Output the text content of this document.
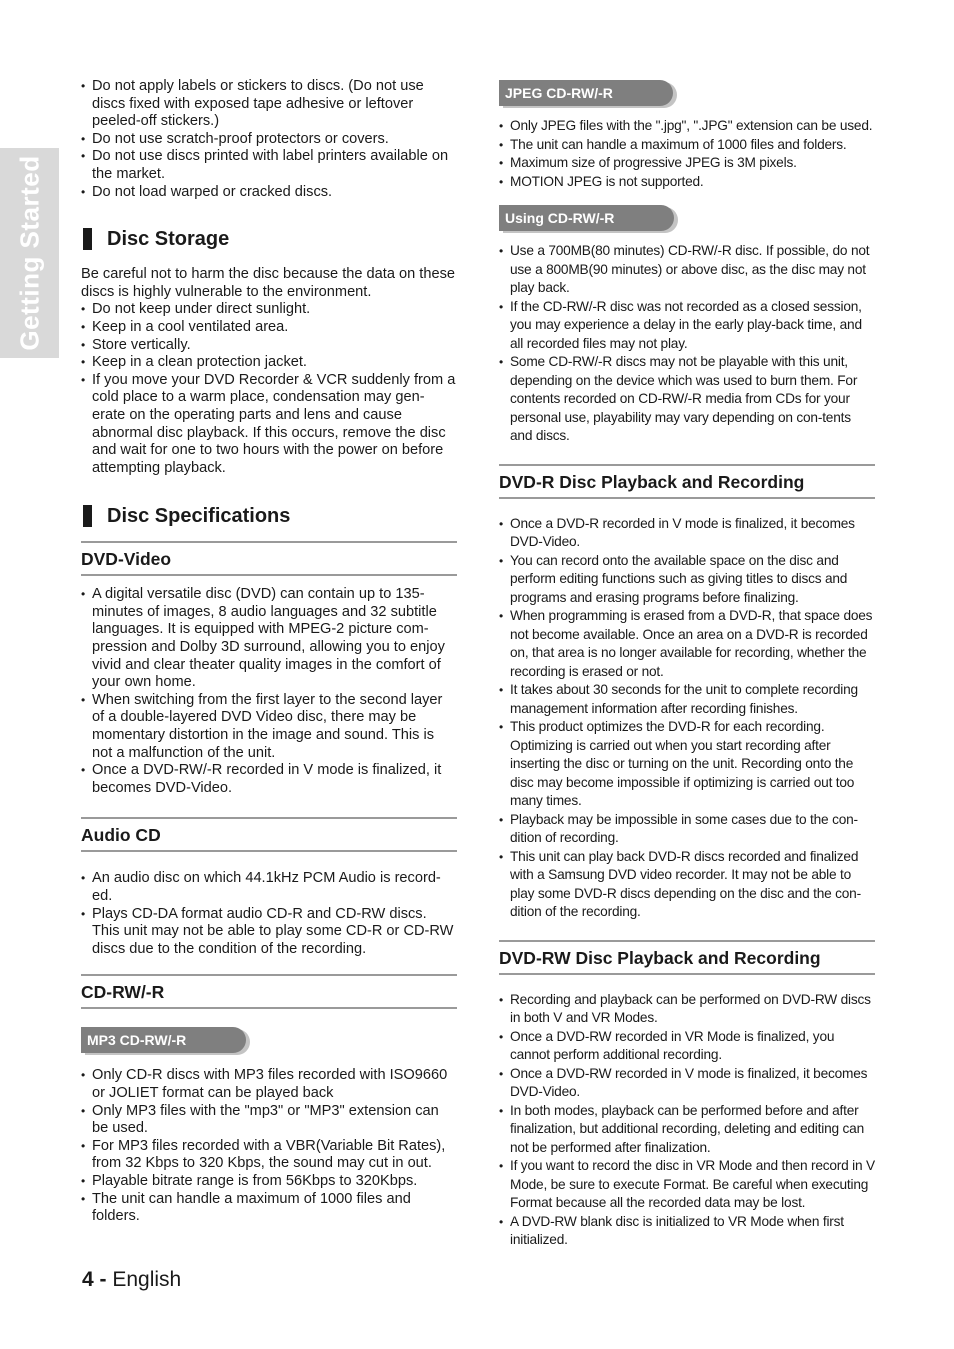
Getting Started
• Do not apply labels or stickers to discs. (Do not use discs fixed with exposed tape adhesive or leftover peeled-off stickers.)
• Do not use scratch-proof protectors or covers.
• Do not use discs printed with label printers available on the market.
• Do not load warped or cracked discs.
Disc Storage

Be careful not to harm the disc because the data on these discs is highly vulnerable to the environment.

• Do not keep under direct sunlight.
• Keep in a cool ventilated area.
• Store vertically.
• Keep in a clean protection jacket.
• If you move your DVD Recorder & VCR suddenly from a cold place to a warm place, condensation may gen-erate on the operating parts and lens and cause abnormal disc playback. If this occurs, remove the disc and wait for one to two hours with the power on before attempting playback.
Disc Specifications
DVD-Video
• A digital versatile disc (DVD) can contain up to 135-minutes of images, 8 audio languages and 32 subtitle languages. It is equipped with MPEG-2 picture com-pression and Dolby 3D surround, allowing you to enjoy vivid and clear theater quality images in the comfort of your own home.
• When switching from the first layer to the second layer of a double-layered DVD Video disc, there may be momentary distortion in the image and sound. This is not a malfunction of the unit.
• Once a DVD-RW/-R recorded in V mode is finalized, it becomes DVD-Video.
Audio CD
• An audio disc on which 44.1kHz PCM Audio is record-ed.
• Plays CD-DA format audio CD-R and CD-RW discs. This unit may not be able to play some CD-R or CD-RW discs due to the condition of the recording.
CD-RW/-R
MP3 CD-RW/-R
• Only CD-R discs with MP3 files recorded with ISO9660 or JOLIET format can be played back
• Only MP3 files with the "mp3" or "MP3" extension can be used.
• For MP3 files recorded with a VBR(Variable Bit Rates), from 32 Kbps to 320 Kbps, the sound may cut in out.
• Playable bitrate range is from 56Kbps to 320Kbps.
• The unit can handle a maximum of 1000 files and folders.
JPEG CD-RW/-R
• Only JPEG files with the ".jpg", ".JPG" extension can be used.
• The unit can handle a maximum of 1000 files and folders.
• Maximum size of progressive JPEG is 3M pixels.
• MOTION JPEG is not supported.
Using CD-RW/-R
• Use a 700MB(80 minutes) CD-RW/-R disc. If possible, do not use a 800MB(90 minutes) or above disc, as the disc may not play back.
• If the CD-RW/-R disc was not recorded as a closed session, you may experience a delay in the early play-back time, and all recorded files may not play.
• Some CD-RW/-R discs may not be playable with this unit, depending on the device which was used to burn them. For contents recorded on CD-RW/-R media from CDs for your personal use, playability may vary depending on con-tents and discs.
DVD-R Disc Playback and Recording
• Once a DVD-R recorded in V mode is finalized, it becomes DVD-Video.
• You can record onto the available space on the disc and perform editing functions such as giving titles to discs and programs and erasing programs before finalizing.
• When programming is erased from a DVD-R, that space does not become available. Once an area on a DVD-R is recorded on, that area is no longer available for recording, whether the recording is erased or not.
• It takes about 30 seconds for the unit to complete recording management information after recording finishes.
• This product optimizes the DVD-R for each recording. Optimizing is carried out when you start recording after inserting the disc or turning on the unit. Recording onto the disc may become impossible if optimizing is carried out too many times.
• Playback may be impossible in some cases due to the con-dition of recording.
• This unit can play back DVD-R discs recorded and finalized with a Samsung DVD video recorder. It may not be able to play some DVD-R discs depending on the disc and the con-dition of the recording.
DVD-RW Disc Playback and Recording
• Recording and playback can be performed on DVD-RW discs in both V and VR Modes.
• Once a DVD-RW recorded in VR Mode is finalized, you cannot perform additional recording.
• Once a DVD-RW recorded in V mode is finalized, it becomes DVD-Video.
• In both modes, playback can be performed before and after finalization, but additional recording, deleting and editing can not be performed after finalization.
• If you want to record the disc in VR Mode and then record in V Mode, be sure to execute Format. Be careful when executing Format because all the recorded data may be lost.
• A DVD-RW blank disc is initialized to VR Mode when first initialized.
4 - English
